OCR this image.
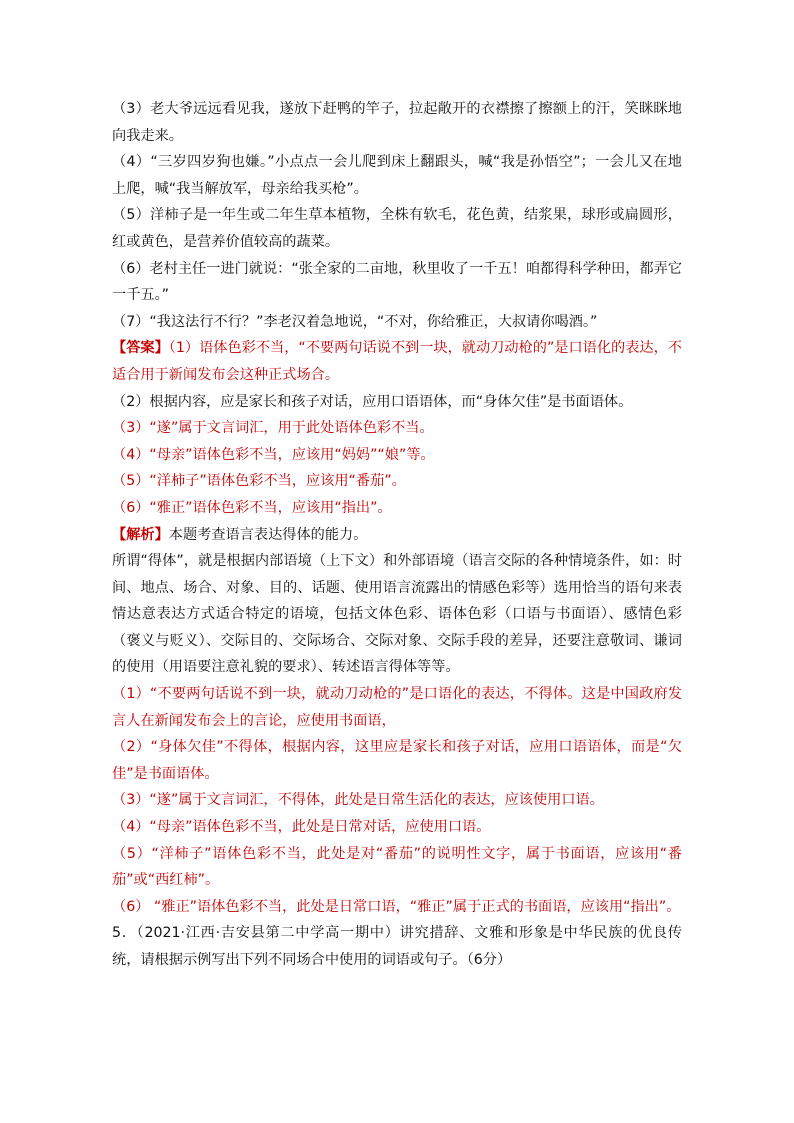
（3）老大爷远远看见我，遂放下赶鸭的竿子，拉起敞开的衣襟擦了擦额上的汗，笑眯眯地向我走来。

（4）“三岁四岁狗也嫌。”小点点一会儿爬到床上翻跟头，喊“我是孙悟空”；一会儿又在地上爬，喊“我当解放军，母亲给我买枪”。

（5）洋柿子是一年生或二年生草本植物，全株有软毛，花色黄，结浆果，球形或扁圆形，红或黄色，是营养价值较高的蔬菜。

（6）老村主任一进门就说：“张全家的二亩地，秋里收了一千五！咱都得科学种田，都弄它一千五。”

（7）“我这法行不行？”李老汉着急地说，“不对，你给雅正，大叔请你喝酒。”

【答案】（1）语体色彩不当，“不要两句话说不到一块，就动刀动枪的”是口语化的表达，不适合用于新闻发布会这种正式场合。

（2）根据内容，应是家长和孩子对话，应用口语语体，而“身体欠佳”是书面语体。

（3）“遂”属于文言词汇，用于此处语体色彩不当。

（4）“母亲”语体色彩不当，应该用“妈妈”“娘”等。

（5）“洋柿子”语体色彩不当，应该用“番茄”。

（6）“雅正”语体色彩不当，应该用“指出”。

【解析】本题考查语言表达得体的能力。

所谓“得体”，就是根据内部语境（上下文）和外部语境（语言交际的各种情境条件，如：时间、地点、场合、对象、目的、话题、使用语言流露出的情感色彩等）选用恰当的语句来表情达意表达方式适合特定的语境，包括文体色彩、语体色彩（口语与书面语）、感情色彩（褒义与贬义）、交际目的、交际场合、交际对象、交际手段的差异，还要注意敬词、谦词的使用（用语要注意礼貌的要求）、转述语言得体等等。

（1）“不要两句话说不到一块，就动刀动枪的”是口语化的表达，不得体。这是中国政府发言人在新闻发布会上的言论，应使用书面语，

（2）“身体欠佳”不得体，根据内容，这里应是家长和孩子对话，应用口语语体，而是“欠佳”是书面语体。

（3）“遂”属于文言词汇，不得体，此处是日常生活化的表达，应该使用口语。

（4）“母亲”语体色彩不当，此处是日常对话，应使用口语。

（5）“洋柿子”语体色彩不当，此处是对“番茄”的说明性文字，属于书面语，应该用“番茄”或“西红柿”。

（6） “雅正”语体色彩不当，此处是日常口语，“雅正”属于正式的书面语，应该用“指出”。

5．（2021·江西·吉安县第二中学高一期中）讲究措辞、文雅和形象是中华民族的优良传统，请根据示例写出下列不同场合中使用的词语或句子。（6分）
